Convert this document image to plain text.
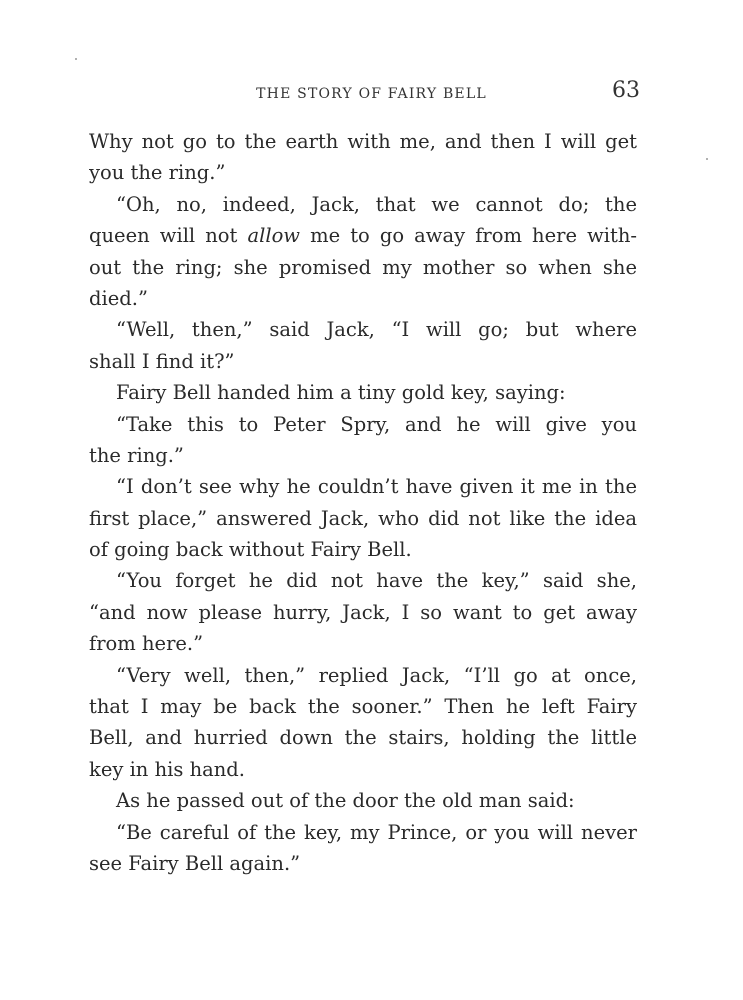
THE STORY OF FAIRY BELL	63
Why not go to the earth with me, and then I will get
you the ring.”
“Oh, no, indeed, Jack, that we cannot do; the
queen will not allow me to go away from here with-
out the ring; she promised my mother so when she
died.”
“Well, then,” said Jack, “I will go; but where
shall I find it?”
Fairy Bell handed him a tiny gold key, saying:
“Take this to Peter Spry, and he will give you
the ring.”
“I don’t see why he couldn’t have given it me in the
first place,” answered Jack, who did not like the idea
of going back without Fairy Bell.
“You forget he did not have the key,” said she,
“and now please hurry, Jack, I so want to get away
from here.”
“Very well, then,” replied Jack, “I’ll go at once,
that I may be back the sooner.” Then he left Fairy
Bell, and hurried down the stairs, holding the little
key in his hand.
As he passed out of the door the old man said:
“Be careful of the key, my Prince, or you will never
see Fairy Bell again.”
